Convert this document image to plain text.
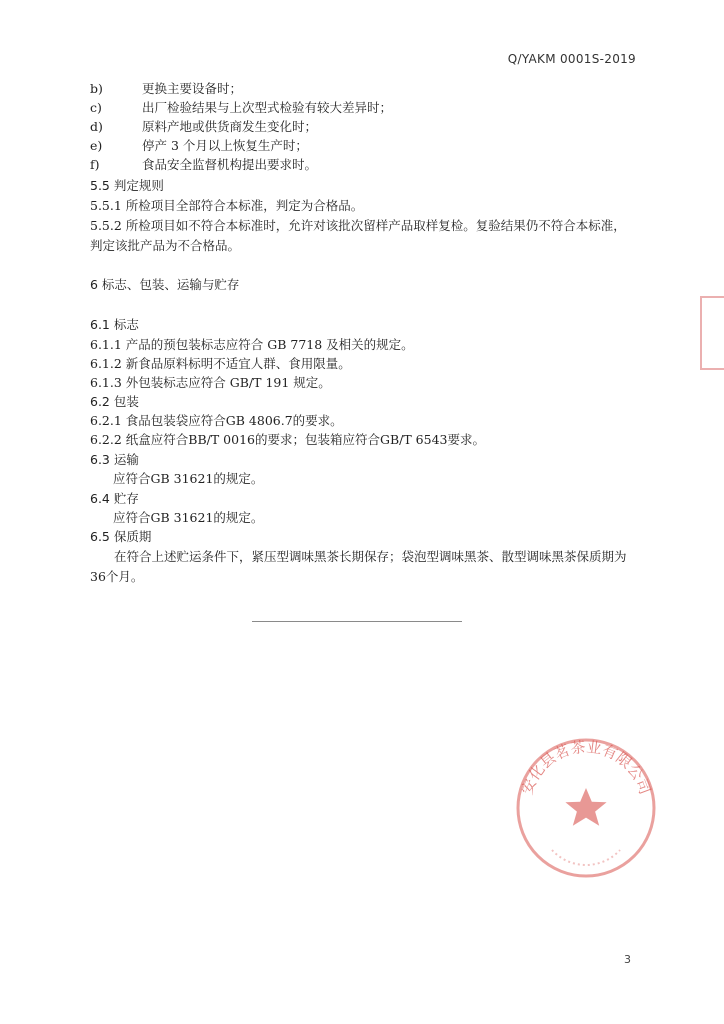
Q/YAKM 0001S-2019
b)	更换主要设备时；
c)	出厂检验结果与上次型式检验有较大差异时；
d)	原料产地或供货商发生变化时；
e)	停产 3 个月以上恢复生产时；
f)	食品安全监督机构提出要求时。
5.5 判定规则
5.5.1 所检项目全部符合本标准，判定为合格品。
5.5.2 所检项目如不符合本标准时，允许对该批次留样产品取样复检。复验结果仍不符合本标准，判定该批产品为不合格品。
6 标志、包装、运输与贮存
6.1 标志
6.1.1 产品的预包装标志应符合 GB 7718 及相关的规定。
6.1.2 新食品原料标明不适宜人群、食用限量。
6.1.3 外包装标志应符合 GB/T 191 规定。
6.2 包装
6.2.1 食品包装袋应符合GB 4806.7的要求。
6.2.2 纸盒应符合BB/T 0016的要求；包装箱应符合GB/T 6543要求。
6.3 运输
应符合GB 31621的规定。
6.4 贮存
应符合GB 31621的规定。
6.5 保质期
在符合上述贮运条件下，紧压型调味黑茶长期保存；袋泡型调味黑茶、散型调味黑茶保质期为36个月。
安化县茗茶业有限公司
3
